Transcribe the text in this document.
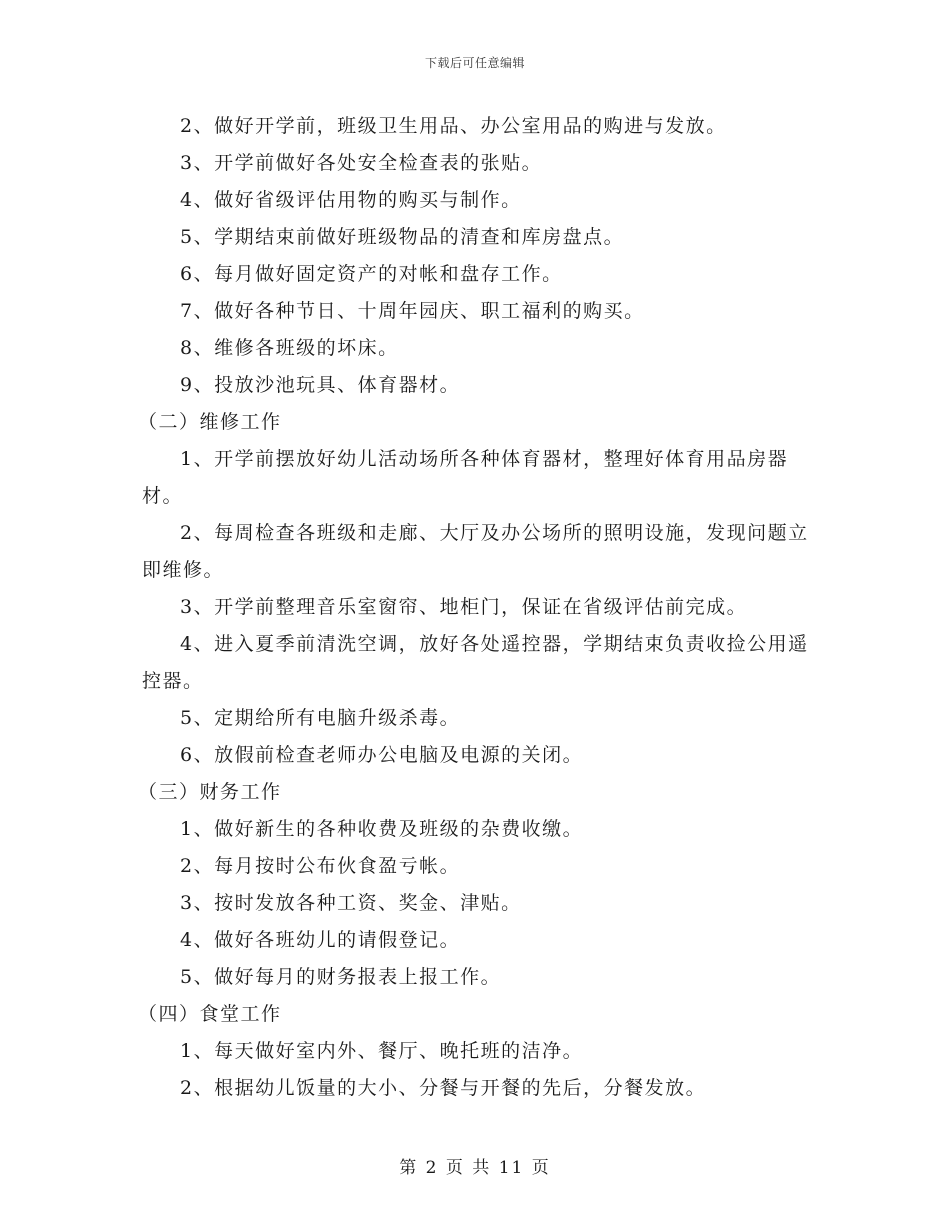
下载后可任意编辑

2、做好开学前，班级卫生用品、办公室用品的购进与发放。

3、开学前做好各处安全检查表的张贴。

4、做好省级评估用物的购买与制作。

5、学期结束前做好班级物品的清查和库房盘点。

6、每月做好固定资产的对帐和盘存工作。

7、做好各种节日、十周年园庆、职工福利的购买。

8、维修各班级的坏床。

9、投放沙池玩具、体育器材。

（二）维修工作

1、开学前摆放好幼儿活动场所各种体育器材，整理好体育用品房器材。

2、每周检查各班级和走廊、大厅及办公场所的照明设施，发现问题立即维修。

3、开学前整理音乐室窗帘、地柜门，保证在省级评估前完成。

4、进入夏季前清洗空调，放好各处遥控器，学期结束负责收捡公用遥控器。

5、定期给所有电脑升级杀毒。

6、放假前检查老师办公电脑及电源的关闭。

（三）财务工作

1、做好新生的各种收费及班级的杂费收缴。

2、每月按时公布伙食盈亏帐。

3、按时发放各种工资、奖金、津贴。

4、做好各班幼儿的请假登记。

5、做好每月的财务报表上报工作。

（四）食堂工作

1、每天做好室内外、餐厅、晚托班的洁净。

2、根据幼儿饭量的大小、分餐与开餐的先后，分餐发放。

第 2 页 共 11 页
